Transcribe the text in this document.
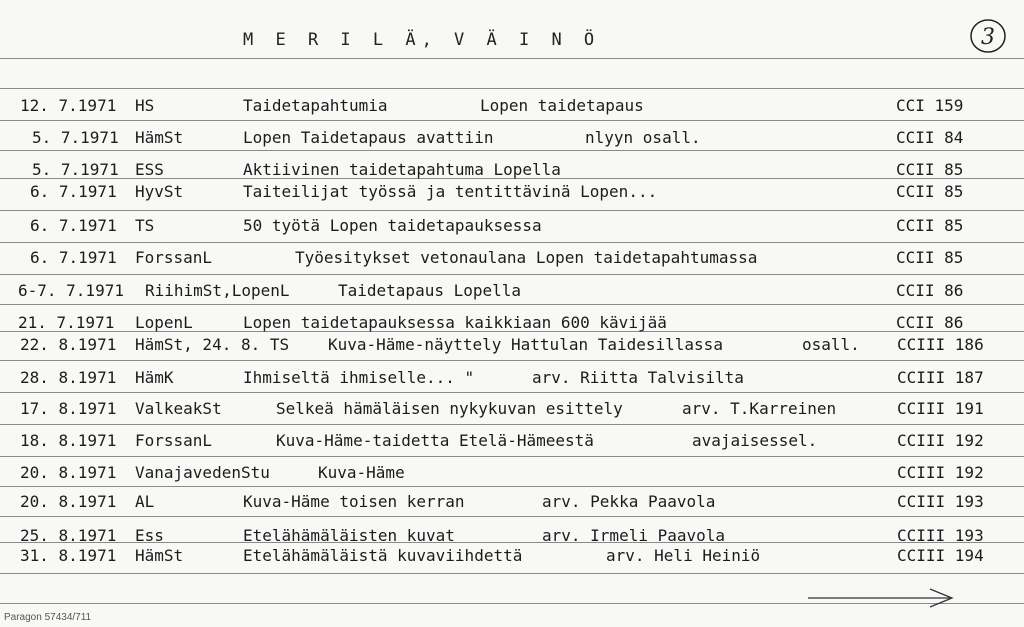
M E R I L Ä, V Ä I N Ö	3
12. 7.1971 HS	Taidetapahtumia	Lopen taidetapaus	CCI 159
5. 7.1971 HämSt	Lopen Taidetapaus avattiin	nlyyn osall.	CCII 84
5. 7.1971 ESS	Aktiivinen taidetapahtuma Lopella	CCII 85
6. 7.1971 HyvSt	Taiteilijat työssä ja tentittävinä Lopen...	CCII 85
6. 7.1971 TS	50 työtä Lopen taidetapauksessa	CCII 85
6. 7.1971 ForssanL	Työesitykset vetonaulana Lopen taidetapahtumassa	CCII 85
6-7. 7.1971 RiihimSt,LopenL	Taidetapaus Lopella	CCII 86
21. 7.1971 LopenL	Lopen taidetapauksessa kaikkiaan 600 kävijää	CCII 86
22. 8.1971 HämSt, 24. 8. TS Kuva-Häme-näyttely Hattulan Taidesillassa	osall. CCIII 186
28. 8.1971 HämK	Ihmiseltä ihmiselle... "	arv. Riitta Talvisilta	CCIII 187
17. 8.1971 ValkeakSt	Selkeä hämäläisen nykykuvan esittely	arv. T.Karreinen	CCIII 191
18. 8.1971 ForssanL	Kuva-Häme-taidetta Etelä-Hämeestä	avajaisessel.	CCIII 192
20. 8.1971 VanajavedenStu	Kuva-Häme	CCIII 192
20. 8.1971 AL	Kuva-Häme toisen kerran	arv. Pekka Paavola	CCIII 193
25. 8.1971 Ess	Etelähämäläisten kuvat	arv. Irmeli Paavola	CCIII 193
31. 8.1971 HämSt	Etelähämäläistä kuvaviihdettä	arv. Heli Heiniö	CCIII 194
Paragon 57434/711
